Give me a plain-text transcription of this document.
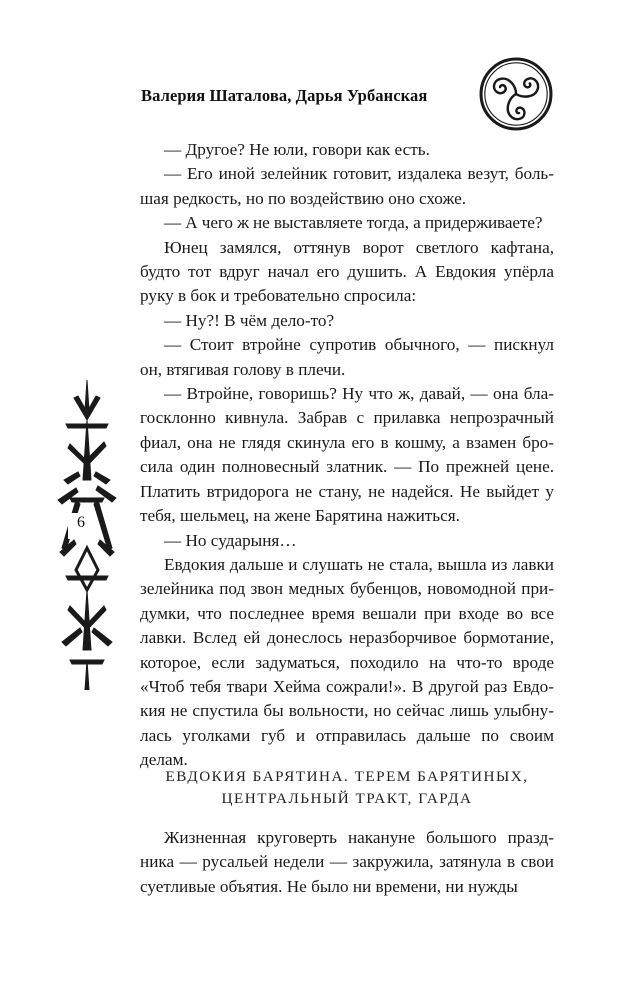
Валерия Шаталова, Дарья Урбанская

— Другое? Не юли, говори как есть.

— Его иной зелейник готовит, издалека везут, большая редкость, но по воздействию оно схоже.

— А чего ж не выставляете тогда, а придерживаете?

Юнец замялся, оттянув ворот светлого кафтана, будто тот вдруг начал его душить. А Евдокия упёрла руку в бок и требовательно спросила:

— Ну?! В чём дело-то?

— Стоит втройне супротив обычного, — пискнул он, втягивая голову в плечи.

— Втройне, говоришь? Ну что ж, давай, — она благосклонно кивнула. Забрав с прилавка непрозрачный фиал, она не глядя скинула его в кошму, а взамен бросила один полновесный златник. — По прежней цене. Платить втридорога не стану, не надейся. Не выйдет у тебя, шельмец, на жене Барятина нажиться.

— Но сударыня…

Евдокия дальше и слушать не стала, вышла из лавки зелейника под звон медных бубенцов, новомодной придумки, что последнее время вешали при входе во все лавки. Вслед ей донеслось неразборчивое бормотание, которое, если задуматься, походило на что-то вроде «Чтоб тебя твари Хейма сожрали!». В другой раз Евдокия не спустила бы вольности, но сейчас лишь улыбнулась уголками губ и отправилась дальше по своим делам.

ЕВДОКИЯ БАРЯТИНА. ТЕРЕМ БАРЯТИНЫХ,
ЦЕНТРАЛЬНЫЙ ТРАКТ, ГАРДА

Жизненная круговерть накануне большого праздника — русальей недели — закружила, затянула в свои суетливые объятия. Не было ни времени, ни нужды

6
